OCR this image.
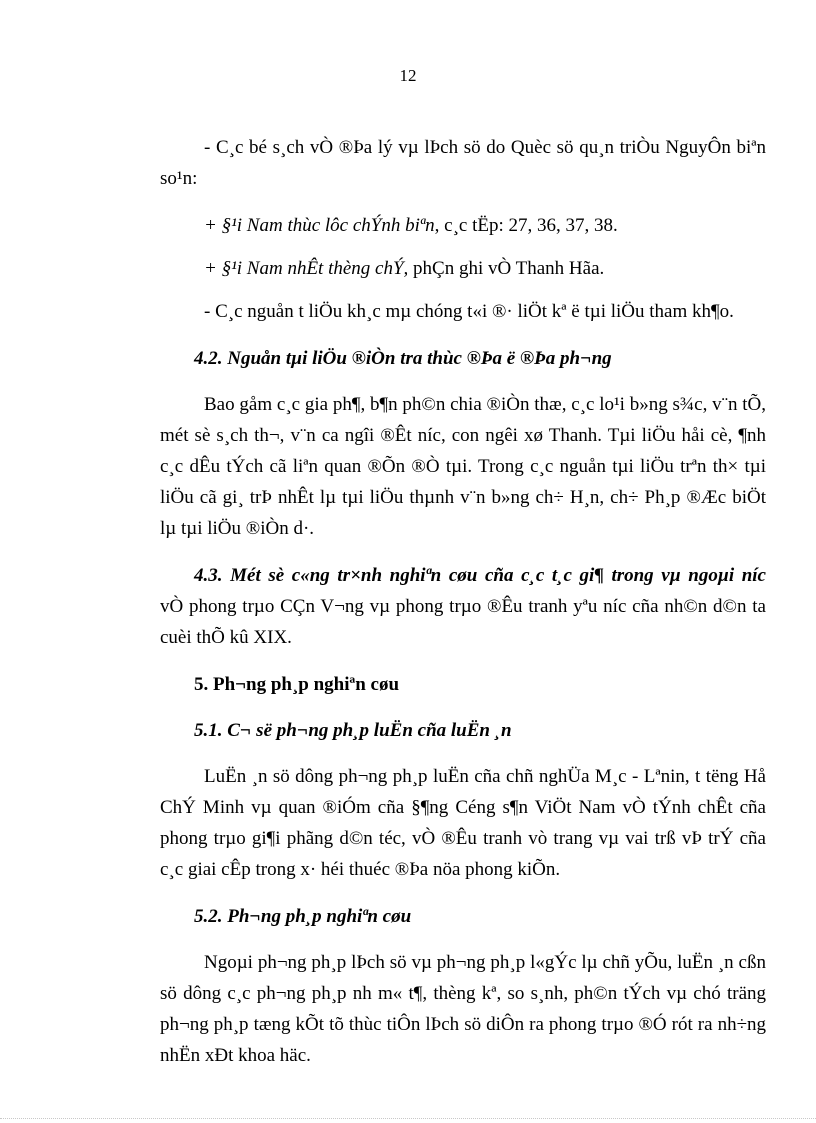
12

- C¸c bé s¸ch vÒ ®Þa lý vµ lÞch sö do Quèc sö qu¸n triÒu NguyÔn biªn so¹n:

+ §¹i Nam thùc lôc chÝnh biªn, c¸c tËp: 27, 36, 37, 38.

+ §¹i Nam nhÊt thèng chÝ, phÇn ghi vÒ Thanh Hãa.

- C¸c nguån t liÖu kh¸c mµ chóng t«i ®· liÖt kª ë tµi liÖu tham kh¶o.

4.2. Nguån tµi liÖu ®iÒn tra thùc ®Þa ë ®Þa ph¬ng

Bao gåm c¸c gia ph¶, b¶n ph©n chia ®iÒn thæ, c¸c lo¹i b»ng s¾c, v¨n tÕ, mét sè s¸ch th¬, v¨n ca ngîi ®Êt níc, con ngêi xø Thanh. Tµi liÖu håi cè, ¶nh c¸c dÊu tÝch cã liªn quan ®Õn ®Ò tµi. Trong c¸c nguån tµi liÖu trªn th× tµi liÖu cã gi¸ trÞ nhÊt lµ tµi liÖu thµnh v¨n b»ng ch÷ H¸n, ch÷ Ph¸p ®Æc biÖt lµ tµi liÖu ®iÒn d·.

4.3. Mét sè c«ng tr×nh nghiªn cøu cña c¸c t¸c gi¶ trong vµ ngoµi níc

vÒ phong trµo CÇn V¬ng vµ phong trµo ®Êu tranh yªu níc cña nh©n d©n ta cuèi thÕ kû XIX.

5. Ph¬ng ph¸p nghiªn cøu

5.1. C¬ së ph¬ng ph¸p luËn cña luËn ¸n

LuËn ¸n sö dông ph¬ng ph¸p luËn cña chñ nghÜa M¸c - Lªnin, t tëng Hå ChÝ Minh vµ quan ®iÓm cña §¶ng Céng s¶n ViÖt Nam vÒ tÝnh chÊt cña phong trµo gi¶i phãng d©n téc, vÒ ®Êu tranh vò trang vµ vai trß vÞ trÝ cña c¸c giai cÊp trong x· héi thuéc ®Þa nöa phong kiÕn.

5.2. Ph¬ng ph¸p nghiªn cøu

Ngoµi ph¬ng ph¸p lÞch sö vµ ph¬ng ph¸p l«gÝc lµ chñ yÕu, luËn ¸n cßn sö dông c¸c ph¬ng ph¸p nh m« t¶, thèng kª, so s¸nh, ph©n tÝch vµ chó träng ph¬ng ph¸p tæng kÕt tõ thùc tiÔn lÞch sö diÔn ra phong trµo ®Ó rót ra nh÷ng nhËn xÐt khoa häc.
